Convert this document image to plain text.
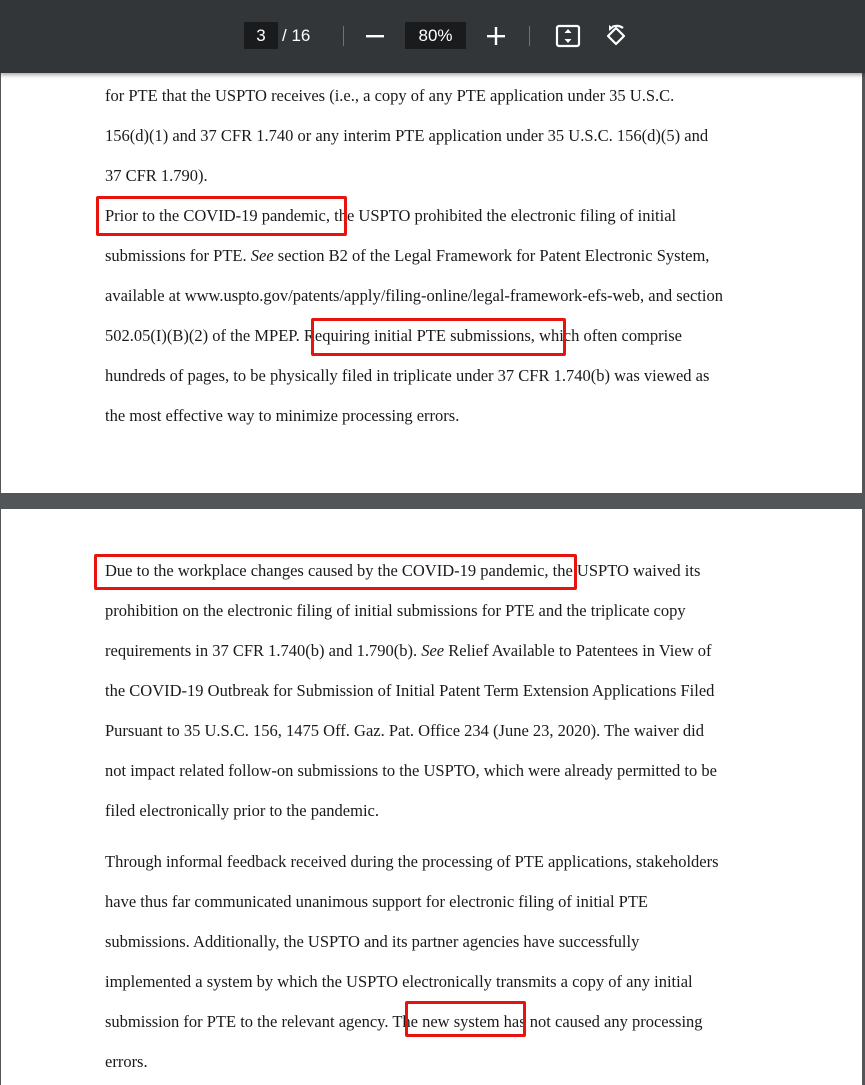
3 / 16	80%
for PTE that the USPTO receives (i.e., a copy of any PTE application under 35 U.S.C.
156(d)(1) and 37 CFR 1.740 or any interim PTE application under 35 U.S.C. 156(d)(5) and
37 CFR 1.790).
Prior to the COVID-19 pandemic, the USPTO prohibited the electronic filing of initial
submissions for PTE. See section B2 of the Legal Framework for Patent Electronic System,
available at www.uspto.gov/patents/apply/filing-online/legal-framework-efs-web, and section
502.05(I)(B)(2) of the MPEP. Requiring initial PTE submissions, which often comprise
hundreds of pages, to be physically filed in triplicate under 37 CFR 1.740(b) was viewed as
the most effective way to minimize processing errors.
Due to the workplace changes caused by the COVID-19 pandemic, the USPTO waived its
prohibition on the electronic filing of initial submissions for PTE and the triplicate copy
requirements in 37 CFR 1.740(b) and 1.790(b). See Relief Available to Patentees in View of
the COVID-19 Outbreak for Submission of Initial Patent Term Extension Applications Filed
Pursuant to 35 U.S.C. 156, 1475 Off. Gaz. Pat. Office 234 (June 23, 2020). The waiver did
not impact related follow-on submissions to the USPTO, which were already permitted to be
filed electronically prior to the pandemic.
Through informal feedback received during the processing of PTE applications, stakeholders
have thus far communicated unanimous support for electronic filing of initial PTE
submissions. Additionally, the USPTO and its partner agencies have successfully
implemented a system by which the USPTO electronically transmits a copy of any initial
submission for PTE to the relevant agency. The new system has not caused any processing
errors.
